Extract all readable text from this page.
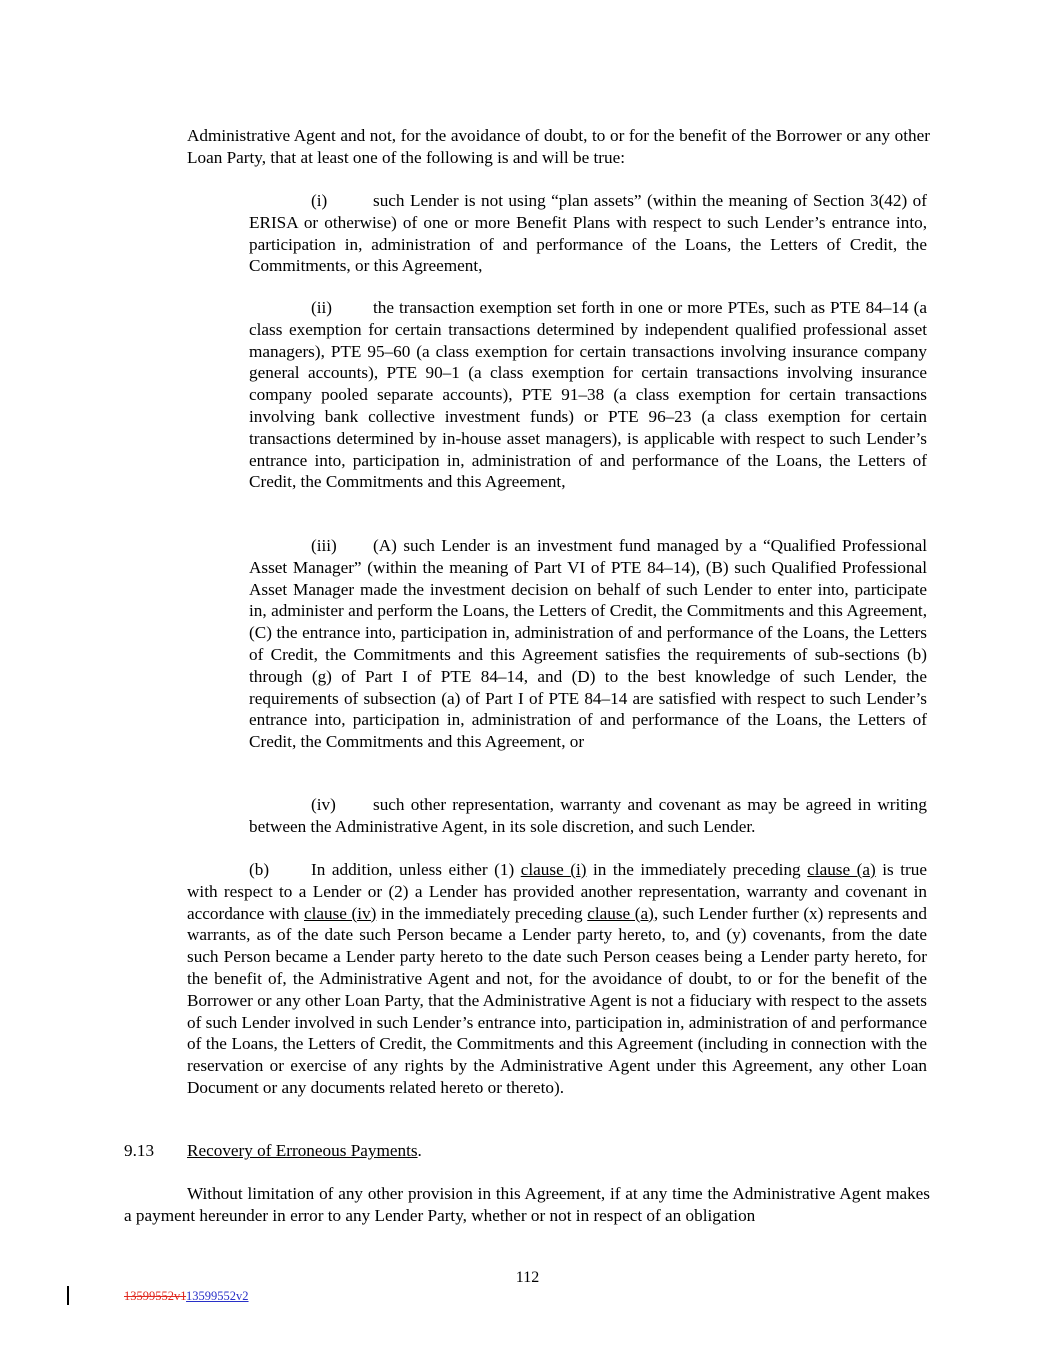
Administrative Agent and not, for the avoidance of doubt, to or for the benefit of the Borrower or any other Loan Party, that at least one of the following is and will be true:

(i)	such Lender is not using “plan assets” (within the meaning of Section 3(42) of ERISA or otherwise) of one or more Benefit Plans with respect to such Lender’s entrance into, participation in, administration of and performance of the Loans, the Letters of Credit, the Commitments, or this Agreement,

(ii) the transaction exemption set forth in one or more PTEs, such as PTE 84–14 (a class exemption for certain transactions determined by independent qualified professional asset managers), PTE 95–60 (a class exemption for certain transactions involving insurance company general accounts), PTE 90–1 (a class exemption for certain transactions involving insurance company pooled separate accounts), PTE 91–38 (a class exemption for certain transactions involving bank collective investment funds) or PTE 96–23 (a class exemption for certain transactions determined by in-house asset managers), is applicable with respect to such Lender’s entrance into, participation in, administration of and performance of the Loans, the Letters of Credit, the Commitments and this Agreement,

(iii) (A) such Lender is an investment fund managed by a “Qualified Professional Asset Manager” (within the meaning of Part VI of PTE 84–14), (B) such Qualified Professional Asset Manager made the investment decision on behalf of such Lender to enter into, participate in, administer and perform the Loans, the Letters of Credit, the Commitments and this Agreement, (C) the entrance into, participation in, administration of and performance of the Loans, the Letters of Credit, the Commitments and this Agreement satisfies the requirements of sub-sections (b) through (g) of Part I of PTE 84–14, and (D) to the best knowledge of such Lender, the requirements of subsection (a) of Part I of PTE 84–14 are satisfied with respect to such Lender’s entrance into, participation in, administration of and performance of the Loans, the Letters of Credit, the Commitments and this Agreement, or

(iv) such other representation, warranty and covenant as may be agreed in writing between the Administrative Agent, in its sole discretion, and such Lender.

(b) In addition, unless either (1) clause (i) in the immediately preceding clause (a) is true with respect to a Lender or (2) a Lender has provided another representation, warranty and covenant in accordance with clause (iv) in the immediately preceding clause (a), such Lender further (x) represents and warrants, as of the date such Person became a Lender party hereto, to, and (y) covenants, from the date such Person became a Lender party hereto to the date such Person ceases being a Lender party hereto, for the benefit of, the Administrative Agent and not, for the avoidance of doubt, to or for the benefit of the Borrower or any other Loan Party, that the Administrative Agent is not a fiduciary with respect to the assets of such Lender involved in such Lender’s entrance into, participation in, administration of and performance of the Loans, the Letters of Credit, the Commitments and this Agreement (including in connection with the reservation or exercise of any rights by the Administrative Agent under this Agreement, any other Loan Document or any documents related hereto or thereto).

9.13 Recovery of Erroneous Payments.

Without limitation of any other provision in this Agreement, if at any time the Administrative Agent makes a payment hereunder in error to any Lender Party, whether or not in respect of an obligation

112
13599552v113599552v2
